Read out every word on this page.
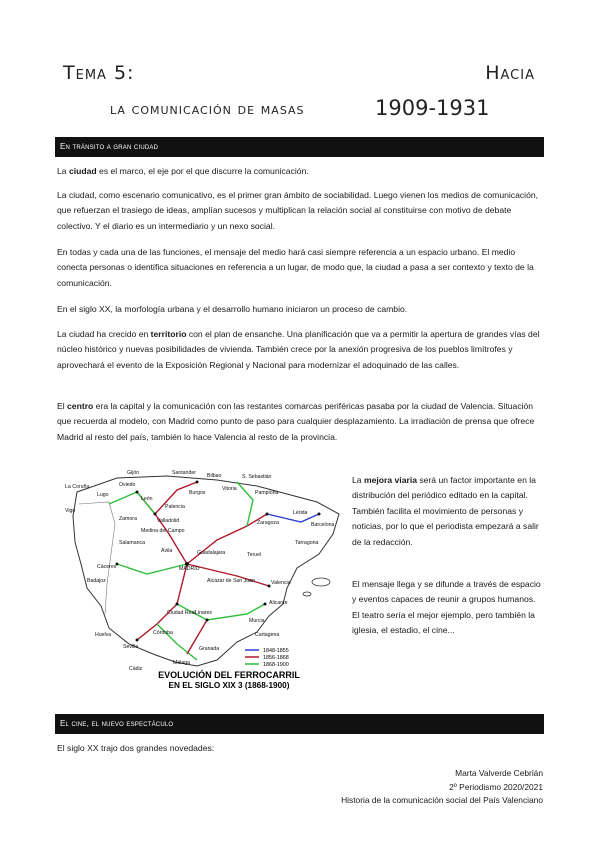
Tema 5:	Hacia
la comunicación de masas	1909-1931
En tránsito a gran ciudad
La ciudad es el marco, el eje por el que discurre la comunicación.
La ciudad, como escenario comunicativo, es el primer gran ámbito de sociabilidad. Luego vienen los medios de comunicación, que refuerzan el trasiego de ideas, amplían sucesos y multiplican la relación social al constituirse con motivo de debate colectivo. Y el diario es un intermediario y un nexo social.
En todas y cada una de las funciones, el mensaje del medio hará casi siempre referencia a un espacio urbano. El medio conecta personas o identifica situaciones en referencia a un lugar, de modo que, la ciudad a pasa a ser contexto y texto de la comunicación.
En el siglo XX, la morfología urbana y el desarrollo humano iniciaron un proceso de cambio.
La ciudad ha crecido en territorio con el plan de ensanche. Una planificación que va a permitir la apertura de grandes vías del núcleo histórico y nuevas posibilidades de vivienda. También crece por la anexión progresiva de los pueblos limítrofes y aprovechará el evento de la Exposición Regional y Nacional para modernizar el adoquinado de las calles.
El centro era la capital y la comunicación con las restantes comarcas periféricas pasaba por la ciudad de Valencia. Situación que recuerda al modelo, con Madrid como punto de paso para cualquier desplazamiento. La irradiación de prensa que ofrece Madrid al resto del país, también lo hace Valencia al resto de la provincia.
Gijón	Santander Bilbao	S. Sebastián
Oviedo
Lugo
La Coruña
León
Burgos
Vitoria
Pamplona
Palencia
Valladolid	Zaragoza
Lérida
Barcelona
Medina del Campo
Salamanca
Ávila	Guadalajara
MADRID
Ciudad Real
Alcázar de San Juan	Valencia
Badajoz
Cáceres
Córdoba
Sevilla
Linares
Murcia
Cartagena
Granada
Málaga
Cádiz
Huelva
Tarragona
Vigo
Zamora
Teruel
Alicante
1848-1855
1856-1868
1868-1900
EVOLUCIÓN DEL FERROCARRIL
EN EL SIGLO XIX 3 (1868-1900)
La mejora viaria será un factor importante en la distribución del periódico editado en la capital. También facilita el movimiento de personas y noticias, por lo que el periodista empezará a salir de la redacción.
El mensaje llega y se difunde a través de espacio y eventos capaces de reunir a grupos humanos. El teatro sería el mejor ejemplo, pero también la iglesia, el estadio, el cine...
El cine, el nuevo espectáculo
El siglo XX trajo dos grandes novedades:
Marta Valverde Cebrián
2º Periodismo 2020/2021
Historia de la comunicación social del País Valenciano
